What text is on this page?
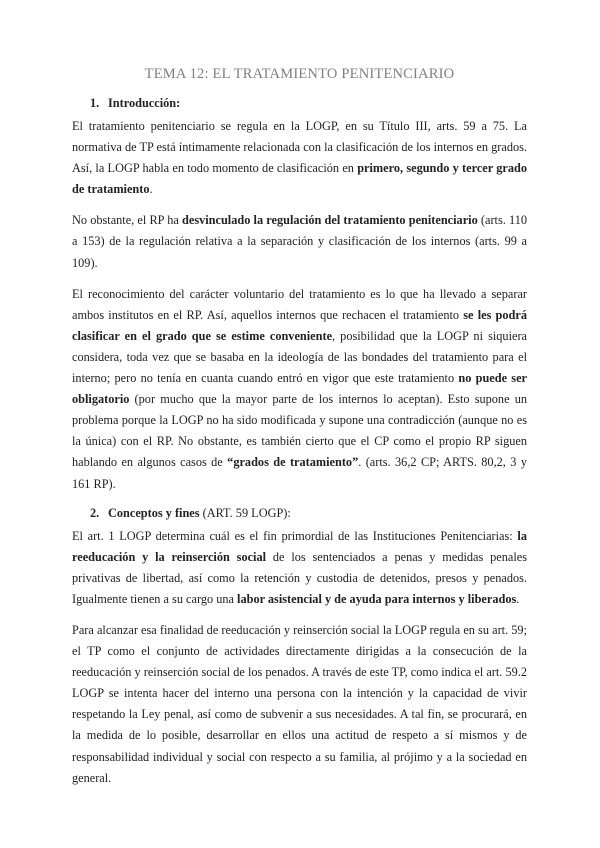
TEMA 12: EL TRATAMIENTO PENITENCIARIO
1. Introducción:

El tratamiento penitenciario se regula en la LOGP, en su Título III, arts. 59 a 75. La normativa de TP está íntimamente relacionada con la clasificación de los internos en grados. Así, la LOGP habla en todo momento de clasificación en primero, segundo y tercer grado de tratamiento.

No obstante, el RP ha desvinculado la regulación del tratamiento penitenciario (arts. 110 a 153) de la regulación relativa a la separación y clasificación de los internos (arts. 99 a 109).

El reconocimiento del carácter voluntario del tratamiento es lo que ha llevado a separar ambos institutos en el RP. Así, aquellos internos que rechacen el tratamiento se les podrá clasificar en el grado que se estime conveniente, posibilidad que la LOGP ni siquiera considera, toda vez que se basaba en la ideología de las bondades del tratamiento para el interno; pero no tenía en cuanta cuando entró en vigor que este tratamiento no puede ser obligatorio (por mucho que la mayor parte de los internos lo aceptan). Esto supone un problema porque la LOGP no ha sido modificada y supone una contradicción (aunque no es la única) con el RP. No obstante, es también cierto que el CP como el propio RP siguen hablando en algunos casos de “grados de tratamiento”. (arts. 36,2 CP; ARTS. 80,2, 3 y 161 RP).

2. Conceptos y fines (ART. 59 LOGP):

El art. 1 LOGP determina cuál es el fin primordial de las Instituciones Penitenciarias: la reeducación y la reinserción social de los sentenciados a penas y medidas penales privativas de libertad, así como la retención y custodia de detenidos, presos y penados. Igualmente tienen a su cargo una labor asistencial y de ayuda para internos y liberados.

Para alcanzar esa finalidad de reeducación y reinserción social la LOGP regula en su art. 59; el TP como el conjunto de actividades directamente dirigidas a la consecución de la reeducación y reinserción social de los penados. A través de este TP, como indica el art. 59.2 LOGP se intenta hacer del interno una persona con la intención y la capacidad de vivir respetando la Ley penal, así como de subvenir a sus necesidades. A tal fin, se procurará, en la medida de lo posible, desarrollar en ellos una actitud de respeto a sí mismos y de responsabilidad individual y social con respecto a su familia, al prójimo y a la sociedad en general.
